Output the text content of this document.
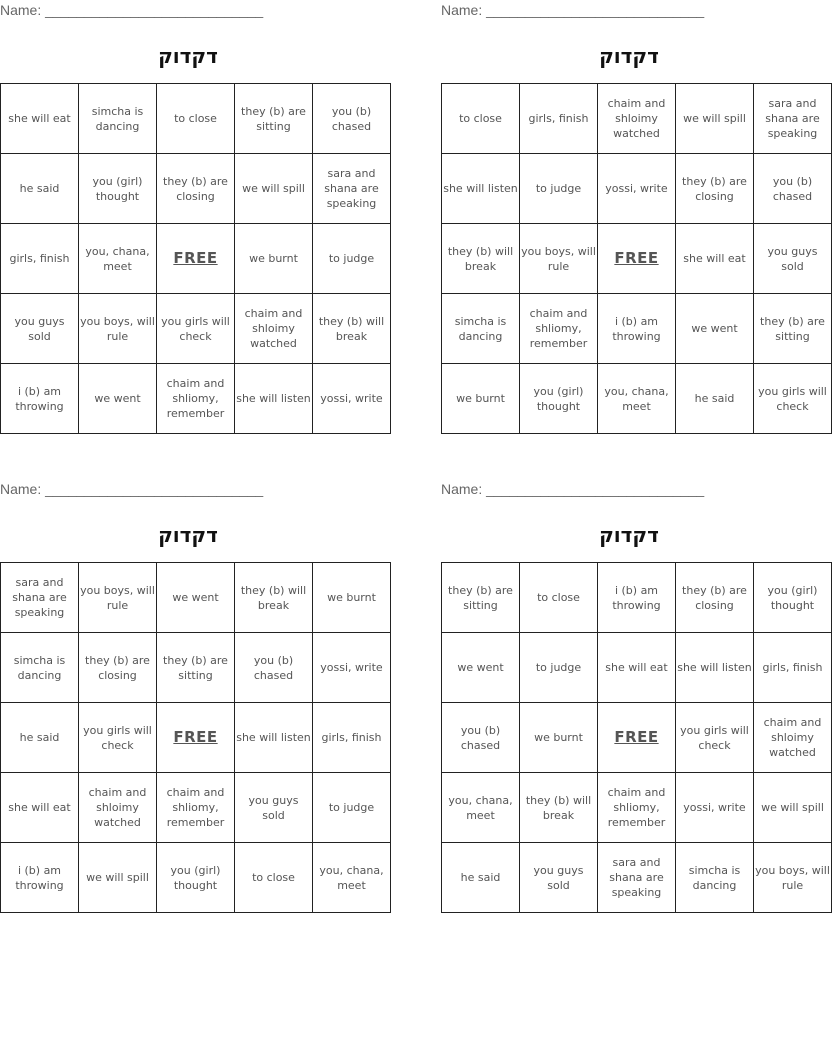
Name: ____________________________
דקדוק
she will eat	simcha is dancing	to close	they (b) are sitting	you (b) chased
he said	you (girl) thought	they (b) are closing	we will spill	sara and shana are speaking
girls, finish	you, chana, meet	FREE	we burnt	to judge
you guys sold	you boys, will rule	you girls will check	chaim and shloimy watched	they (b) will break
i (b) am throwing	we went	chaim and shliomy, remember	she will listen	yossi, write
Name: ____________________________
דקדוק
to close	girls, finish	chaim and shloimy watched	we will spill	sara and shana are speaking
she will listen	to judge	yossi, write	they (b) are closing	you (b) chased
they (b) will break	you boys, will rule	FREE	she will eat	you guys sold
simcha is dancing	chaim and shliomy, remember	i (b) am throwing	we went	they (b) are sitting
we burnt	you (girl) thought	you, chana, meet	he said	you girls will check
Name: ____________________________
דקדוק
sara and shana are speaking	you boys, will rule	we went	they (b) will break	we burnt
simcha is dancing	they (b) are closing	they (b) are sitting	you (b) chased	yossi, write
he said	you girls will check	FREE	she will listen	girls, finish
she will eat	chaim and shloimy watched	chaim and shliomy, remember	you guys sold	to judge
i (b) am throwing	we will spill	you (girl) thought	to close	you, chana, meet
Name: ____________________________
דקדוק
they (b) are sitting	to close	i (b) am throwing	they (b) are closing	you (girl) thought
we went	to judge	she will eat	she will listen	girls, finish
you (b) chased	we burnt	FREE	you girls will check	chaim and shloimy watched
you, chana, meet	they (b) will break	chaim and shliomy, remember	yossi, write	we will spill
he said	you guys sold	sara and shana are speaking	simcha is dancing	you boys, will rule
